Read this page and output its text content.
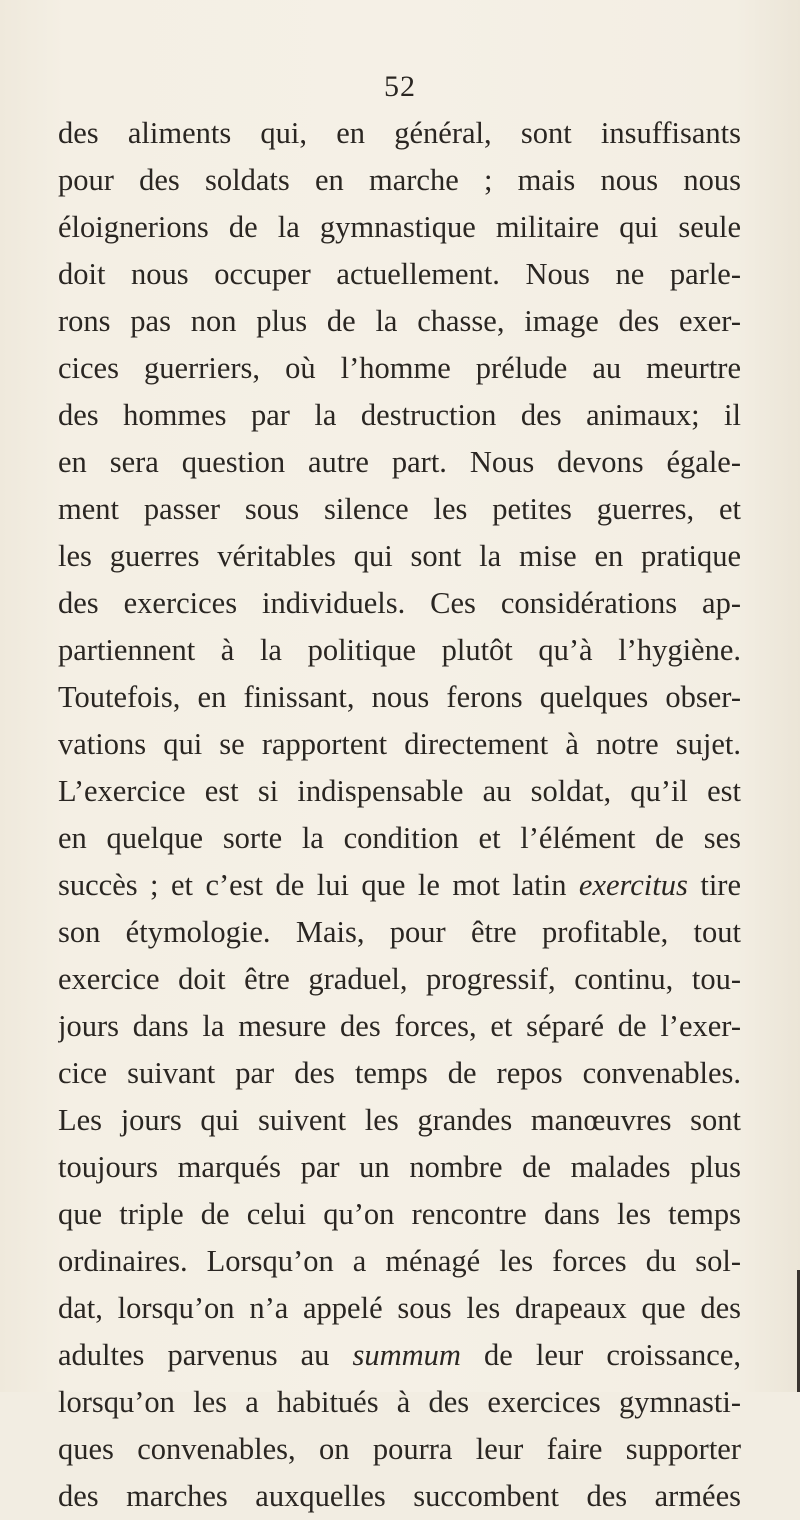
52
des aliments qui, en général, sont insuffisants
pour des soldats en marche ; mais nous nous
éloignerions de la gymnastique militaire qui seule
doit nous occuper actuellement. Nous ne parle-
rons pas non plus de la chasse, image des exer-
cices guerriers, où l’homme prélude au meurtre
des hommes par la destruction des animaux; il
en sera question autre part. Nous devons égale-
ment passer sous silence les petites guerres, et
les guerres véritables qui sont la mise en pratique
des exercices individuels. Ces considérations ap-
partiennent à la politique plutôt qu’à l’hygiène.
Toutefois, en finissant, nous ferons quelques obser-
vations qui se rapportent directement à notre sujet.
L’exercice est si indispensable au soldat, qu’il est
en quelque sorte la condition et l’élément de ses
succès ; et c’est de lui que le mot latin exercitus tire
son étymologie. Mais, pour être profitable, tout
exercice doit être graduel, progressif, continu, tou-
jours dans la mesure des forces, et séparé de l’exer-
cice suivant par des temps de repos convenables.
Les jours qui suivent les grandes manœuvres sont
toujours marqués par un nombre de malades plus
que triple de celui qu’on rencontre dans les temps
ordinaires. Lorsqu’on a ménagé les forces du sol-
dat, lorsqu’on n’a appelé sous les drapeaux que des
adultes parvenus au summum de leur croissance,
lorsqu’on les a habitués à des exercices gymnasti-
ques convenables, on pourra leur faire supporter
des marches auxquelles succombent des armées
